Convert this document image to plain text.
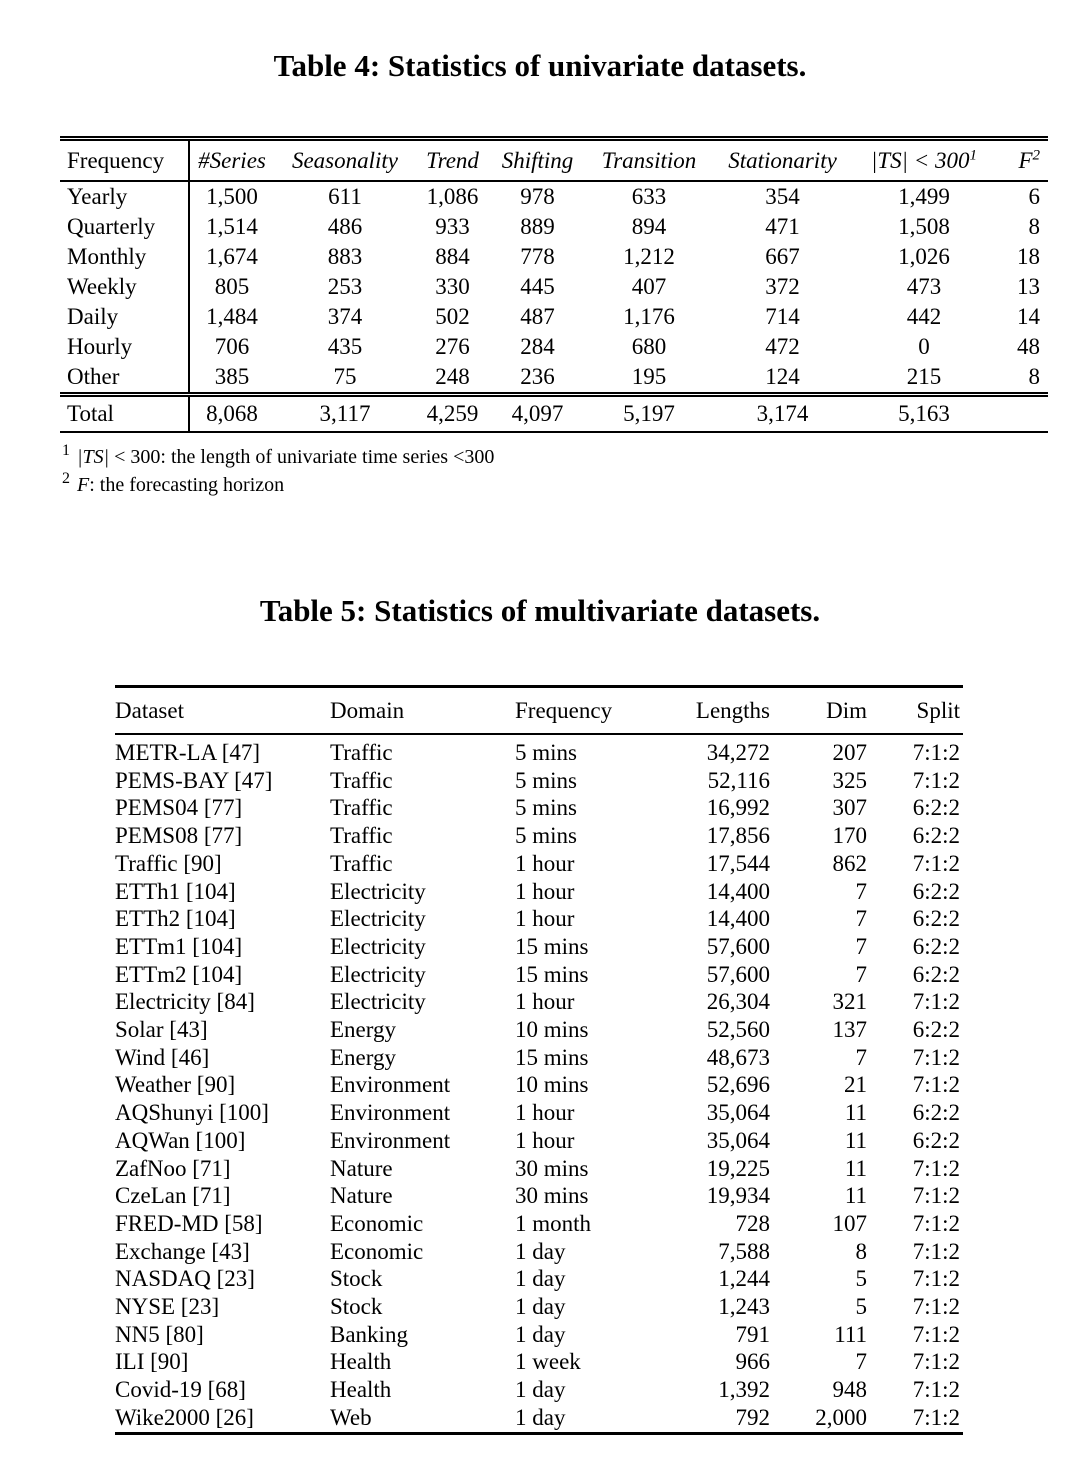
Table 4: Statistics of univariate datasets.
Frequency	#Series	Seasonality	Trend	Shifting	Transition	Stationarity	$|TS| < 300^1$	$F^2$
Yearly	1,500	611	1,086	978	633	354	1,499	6
Quarterly	1,514	486	933	889	894	471	1,508	8
Monthly	1,674	883	884	778	1,212	667	1,026	18
Weekly	805	253	330	445	407	372	473	13
Daily	1,484	374	502	487	1,176	714	442	14
Hourly	706	435	276	284	680	472	0	48
Other	385	75	248	236	195	124	215	8
Total	8,068	3,117	4,259	4,097	5,197	3,174	5,163	
$^1$ |TS| < 300: the length of univariate time series <300
$^2$ F: the forecasting horizon
Table 5: Statistics of multivariate datasets.
Dataset	Domain	Frequency	Lengths	Dim	Split
METR-LA [47]	Traffic	5 mins	34,272	207	7:1:2
PEMS-BAY [47]	Traffic	5 mins	52,116	325	7:1:2
PEMS04 [77]	Traffic	5 mins	16,992	307	6:2:2
PEMS08 [77]	Traffic	5 mins	17,856	170	6:2:2
Traffic [90]	Traffic	1 hour	17,544	862	7:1:2
ETTh1 [104]	Electricity	1 hour	14,400	7	6:2:2
ETTh2 [104]	Electricity	1 hour	14,400	7	6:2:2
ETTm1 [104]	Electricity	15 mins	57,600	7	6:2:2
ETTm2 [104]	Electricity	15 mins	57,600	7	6:2:2
Electricity [84]	Electricity	1 hour	26,304	321	7:1:2
Solar [43]	Energy	10 mins	52,560	137	6:2:2
Wind [46]	Energy	15 mins	48,673	7	7:1:2
Weather [90]	Environment	10 mins	52,696	21	7:1:2
AQShunyi [100]	Environment	1 hour	35,064	11	6:2:2
AQWan [100]	Environment	1 hour	35,064	11	6:2:2
ZafNoo [71]	Nature	30 mins	19,225	11	7:1:2
CzeLan [71]	Nature	30 mins	19,934	11	7:1:2
FRED-MD [58]	Economic	1 month	728	107	7:1:2
Exchange [43]	Economic	1 day	7,588	8	7:1:2
NASDAQ [23]	Stock	1 day	1,244	5	7:1:2
NYSE [23]	Stock	1 day	1,243	5	7:1:2
NN5 [80]	Banking	1 day	791	111	7:1:2
ILI [90]	Health	1 week	966	7	7:1:2
Covid-19 [68]	Health	1 day	1,392	948	7:1:2
Wike2000 [26]	Web	1 day	792	2,000	7:1:2
